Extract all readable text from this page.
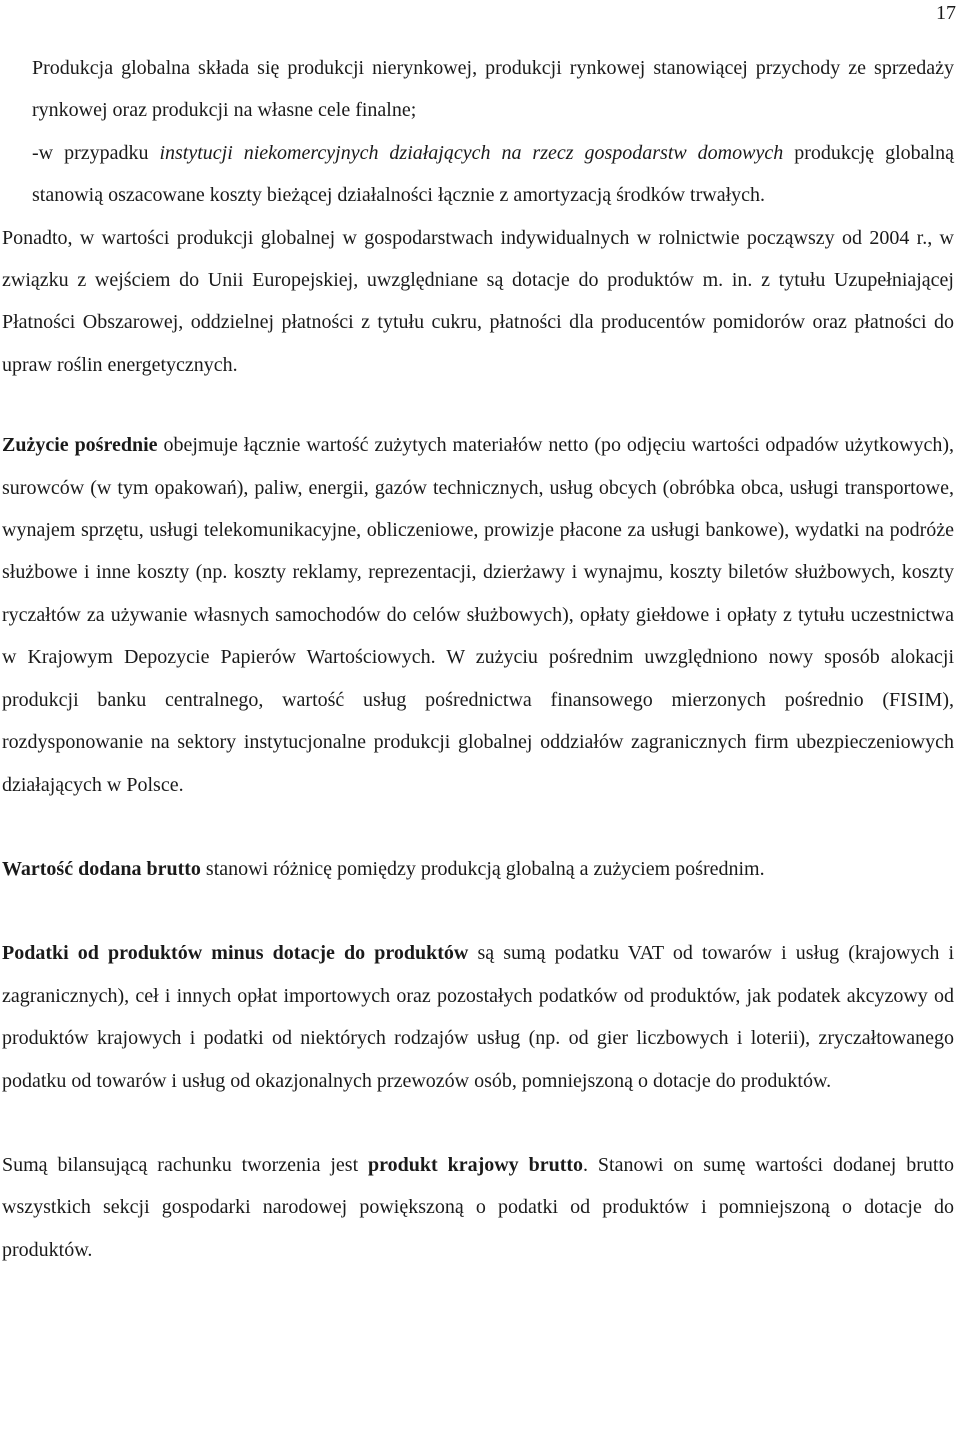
17

Produkcja globalna składa się produkcji nierynkowej, produkcji rynkowej stanowiącej przychody ze sprzedaży rynkowej oraz produkcji na własne cele finalne;
-w przypadku instytucji niekomercyjnych działających na rzecz gospodarstw domowych produkcję globalną stanowią oszacowane koszty bieżącej działalności łącznie z amortyzacją środków trwałych.

Ponadto, w wartości produkcji globalnej w gospodarstwach indywidualnych w rolnictwie począwszy od 2004 r., w związku z wejściem do Unii Europejskiej, uwzględniane są dotacje do produktów m. in. z tytułu Uzupełniającej Płatności Obszarowej, oddzielnej płatności z tytułu cukru, płatności dla producentów pomidorów oraz płatności do upraw roślin energetycznych.

Zużycie pośrednie obejmuje łącznie wartość zużytych materiałów netto (po odjęciu wartości odpadów użytkowych), surowców (w tym opakowań), paliw, energii, gazów technicznych, usług obcych (obróbka obca, usługi transportowe, wynajem sprzętu, usługi telekomunikacyjne, obliczeniowe, prowizje płacone za usługi bankowe), wydatki na podróże służbowe i inne koszty (np. koszty reklamy, reprezentacji, dzierżawy i wynajmu, koszty biletów służbowych, koszty ryczałtów za używanie własnych samochodów do celów służbowych), opłaty giełdowe i opłaty z tytułu uczestnictwa w Krajowym Depozycie Papierów Wartościowych. W zużyciu pośrednim uwzględniono nowy sposób alokacji produkcji banku centralnego, wartość usług pośrednictwa finansowego mierzonych pośrednio (FISIM), rozdysponowanie na sektory instytucjonalne produkcji globalnej oddziałów zagranicznych firm ubezpieczeniowych działających w Polsce.

Wartość dodana brutto stanowi różnicę pomiędzy produkcją globalną a zużyciem pośrednim.

Podatki od produktów minus dotacje do produktów są sumą podatku VAT od towarów i usług (krajowych i zagranicznych), ceł i innych opłat importowych oraz pozostałych podatków od produktów, jak podatek akcyzowy od produktów krajowych i podatki od niektórych rodzajów usług (np. od gier liczbowych i loterii), zryczałtowanego podatku od towarów i usług od okazjonalnych przewozów osób, pomniejszoną o dotacje do produktów.

Sumą bilansującą rachunku tworzenia jest produkt krajowy brutto. Stanowi on sumę wartości dodanej brutto wszystkich sekcji gospodarki narodowej powiększoną o podatki od produktów i pomniejszoną o dotacje do produktów.
